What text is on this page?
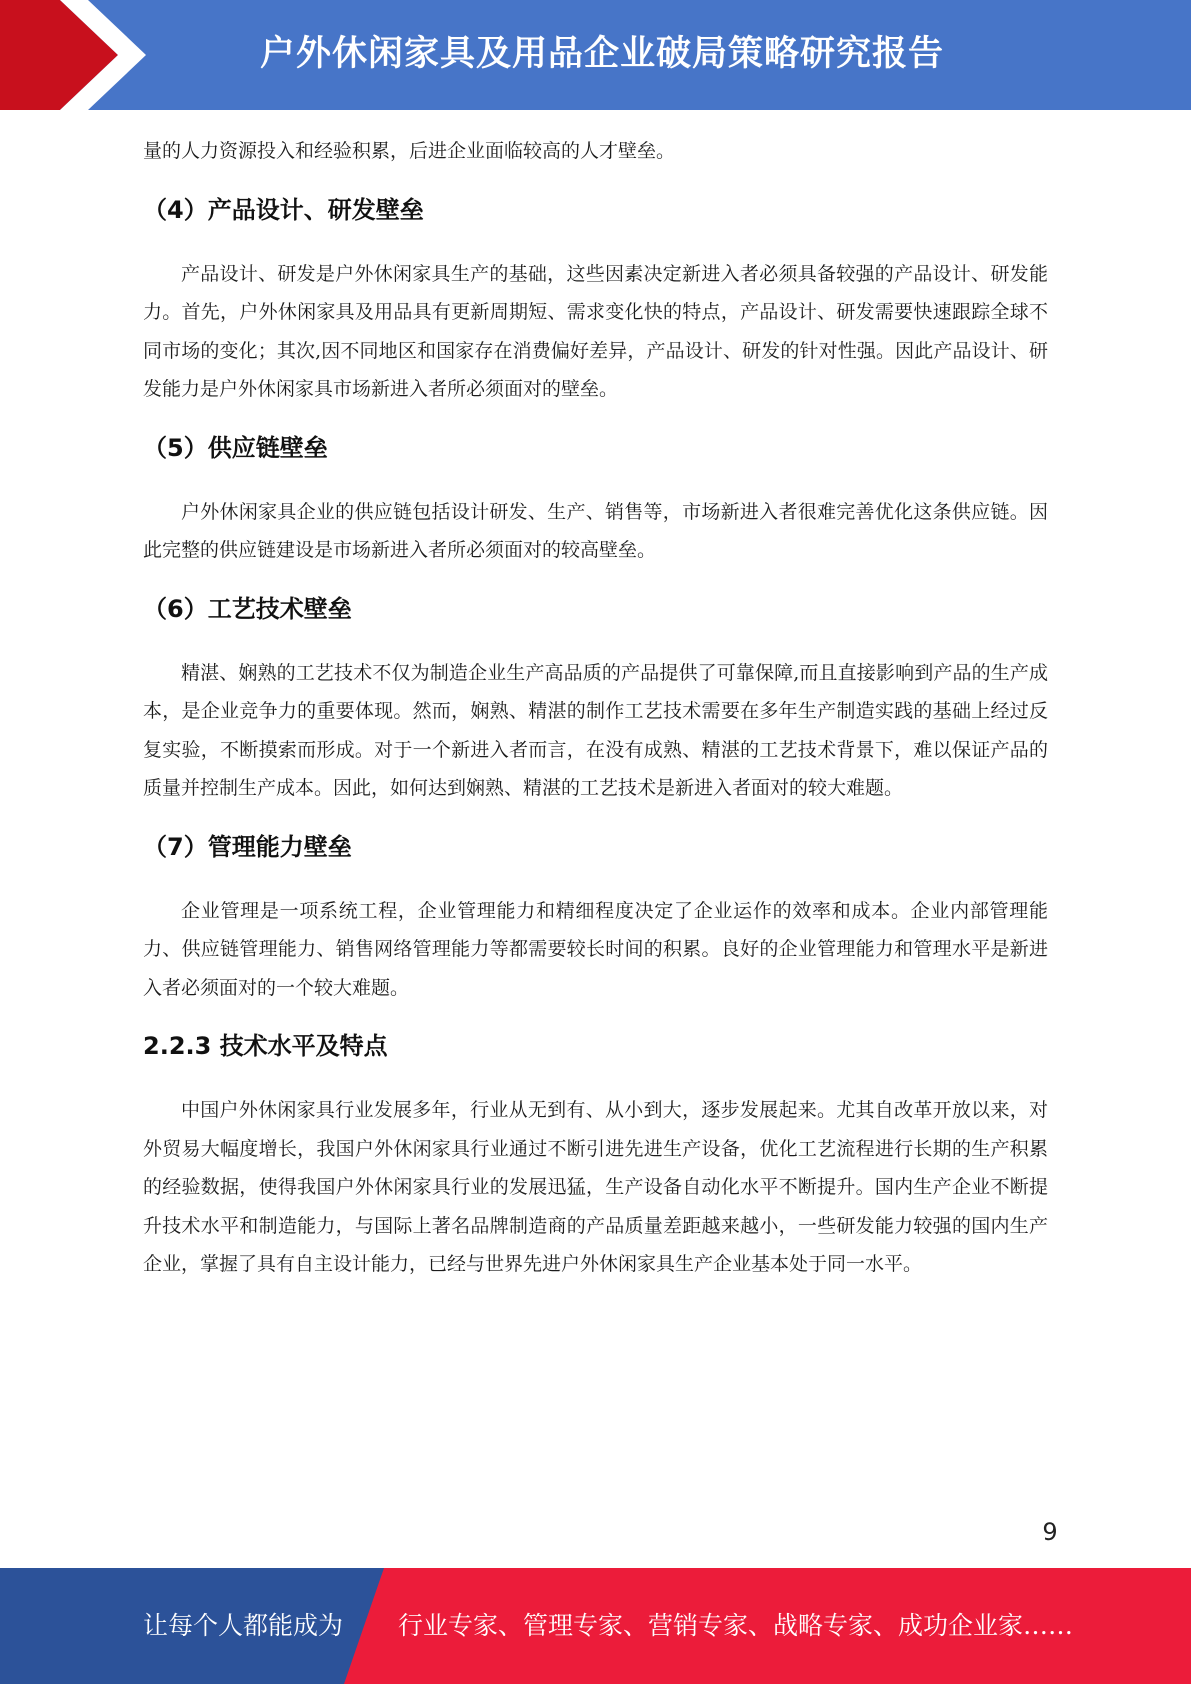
户外休闲家具及用品企业破局策略研究报告

量的人力资源投入和经验积累，后进企业面临较高的人才壁垒。

（4）产品设计、研发壁垒

产品设计、研发是户外休闲家具生产的基础，这些因素决定新进入者必须具备较强的产品设计、研发能力。首先，户外休闲家具及用品具有更新周期短、需求变化快的特点，产品设计、研发需要快速跟踪全球不同市场的变化；其次,因不同地区和国家存在消费偏好差异，产品设计、研发的针对性强。因此产品设计、研发能力是户外休闲家具市场新进入者所必须面对的壁垒。

（5）供应链壁垒

户外休闲家具企业的供应链包括设计研发、生产、销售等，市场新进入者很难完善优化这条供应链。因此完整的供应链建设是市场新进入者所必须面对的较高壁垒。

（6）工艺技术壁垒

精湛、娴熟的工艺技术不仅为制造企业生产高品质的产品提供了可靠保障,而且直接影响到产品的生产成本，是企业竞争力的重要体现。然而，娴熟、精湛的制作工艺技术需要在多年生产制造实践的基础上经过反复实验，不断摸索而形成。对于一个新进入者而言，在没有成熟、精湛的工艺技术背景下，难以保证产品的质量并控制生产成本。因此，如何达到娴熟、精湛的工艺技术是新进入者面对的较大难题。

（7）管理能力壁垒

企业管理是一项系统工程，企业管理能力和精细程度决定了企业运作的效率和成本。企业内部管理能力、供应链管理能力、销售网络管理能力等都需要较长时间的积累。良好的企业管理能力和管理水平是新进入者必须面对的一个较大难题。

2.2.3 技术水平及特点

中国户外休闲家具行业发展多年，行业从无到有、从小到大，逐步发展起来。尤其自改革开放以来，对外贸易大幅度增长，我国户外休闲家具行业通过不断引进先进生产设备，优化工艺流程进行长期的生产积累的经验数据，使得我国户外休闲家具行业的发展迅猛，生产设备自动化水平不断提升。国内生产企业不断提升技术水平和制造能力，与国际上著名品牌制造商的产品质量差距越来越小，一些研发能力较强的国内生产企业，掌握了具有自主设计能力，已经与世界先进户外休闲家具生产企业基本处于同一水平。

9
让每个人都能成为 行业专家、管理专家、营销专家、战略专家、成功企业家……
